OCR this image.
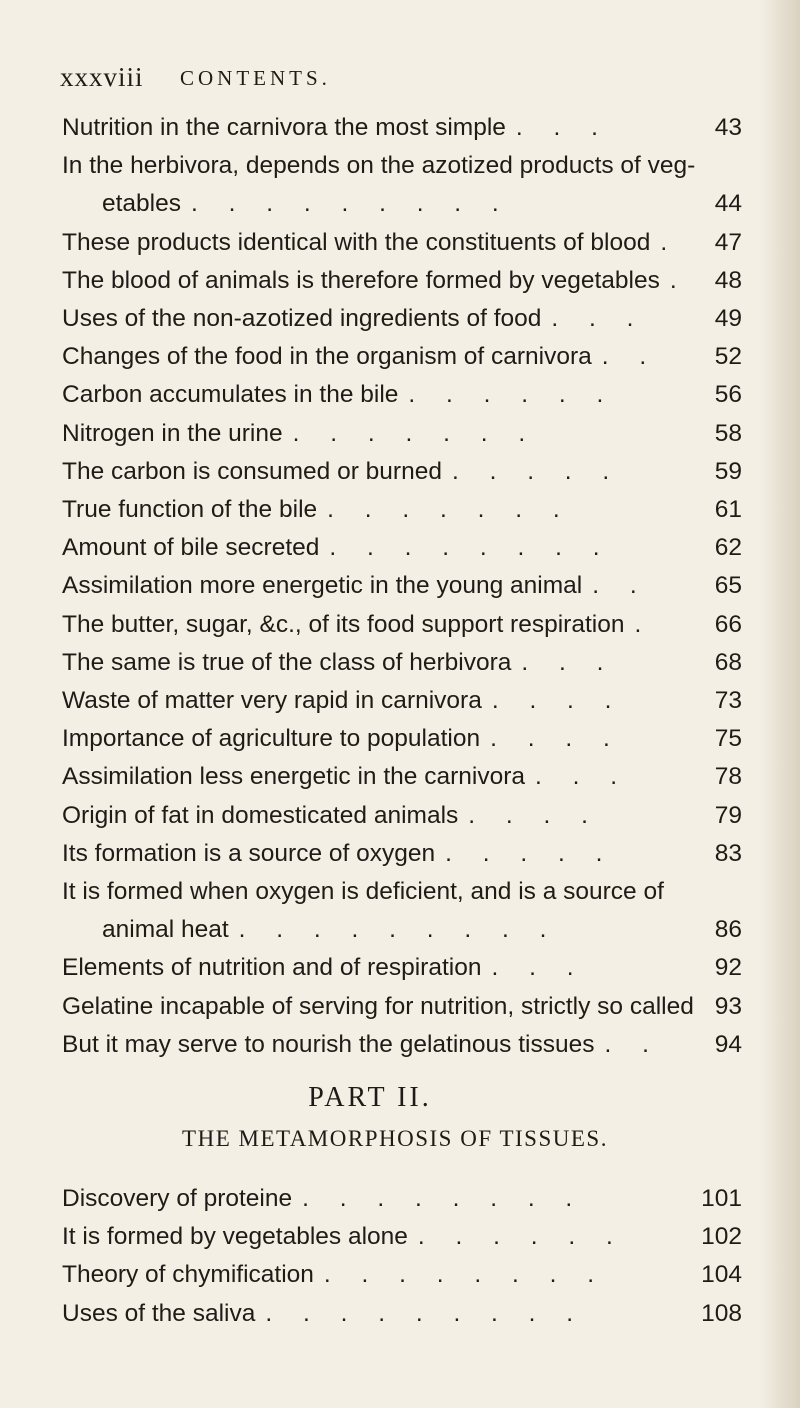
xxxviii CONTENTS.
Nutrition in the carnivora the most simple . . .	43
In the herbivora, depends on the azotized products of veg-
etables . . . . . . . . .	44
These products identical with the constituents of blood . 47
The blood of animals is therefore formed by vegetables . 48
Uses of the non-azotized ingredients of food . . .	49
Changes of the food in the organism of carnivora . . 52
Carbon accumulates in the bile . . . . . .	56
Nitrogen in the urine . . . . . . .	58
The carbon is consumed or burned . . . . .	59
True function of the bile . . . . . . .	61
Amount of bile secreted . . . . . . . .	62
Assimilation more energetic in the young animal . .	65
The butter, sugar, &c., of its food support respiration .	66
The same is true of the class of herbivora . . .	68
Waste of matter very rapid in carnivora . . . .	73
Importance of agriculture to population . . . .	75
Assimilation less energetic in the carnivora . . .	78
Origin of fat in domesticated animals . . . .	79
Its formation is a source of oxygen . . . . .	83
It is formed when oxygen is deficient, and is a source of
animal heat . . . . . . . . .	86
Elements of nutrition and of respiration . . .	92
Gelatine incapable of serving for nutrition, strictly so called 93
But it may serve to nourish the gelatinous tissues . . 94
PART II.
THE METAMORPHOSIS OF TISSUES.
Discovery of proteine . . . . . . . .	101
It is formed by vegetables alone . . . . . .	102
Theory of chymification . . . . . . . .	104
Uses of the saliva . . . . . . . . .	108
